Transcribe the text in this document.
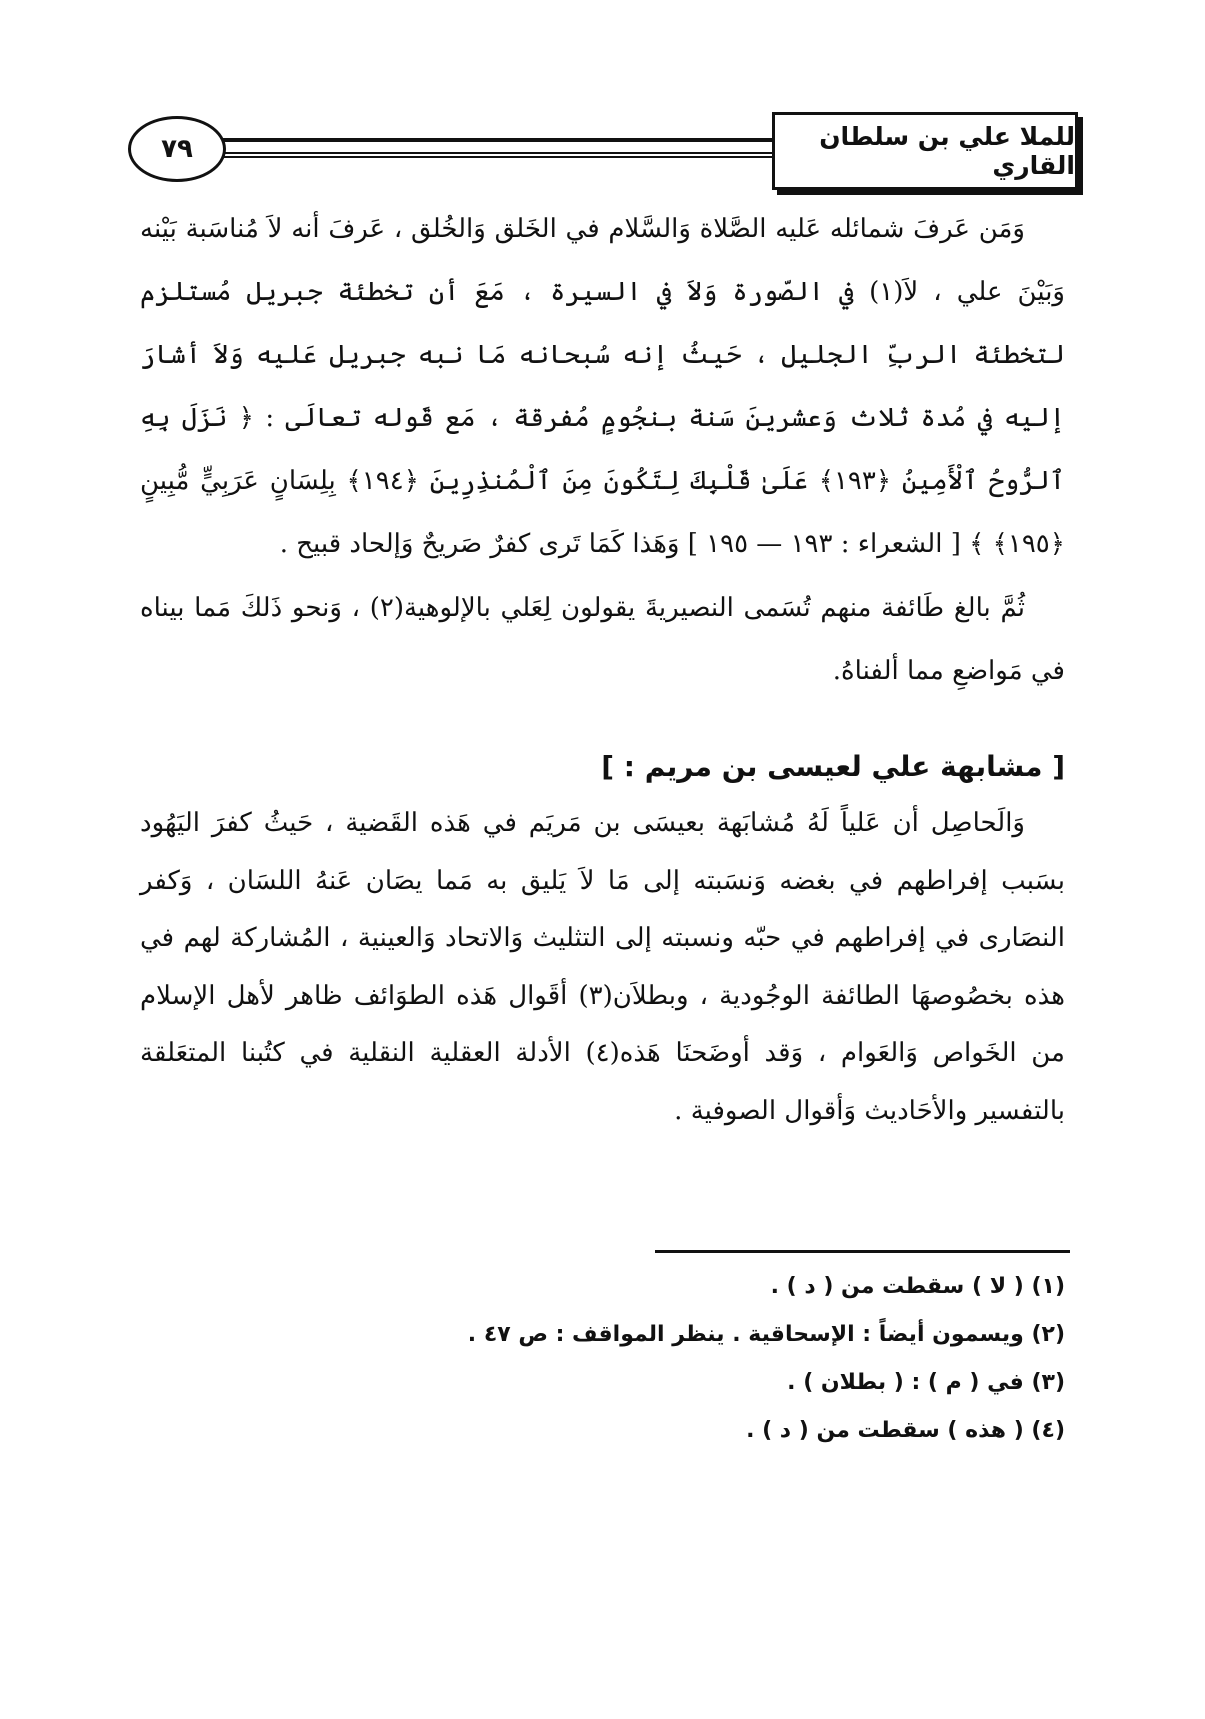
٧٩	للملا علي بن سلطان القاري

وَمَن عَرفَ شمائله عَليه الصَّلاة وَالسَّلام في الخَلق وَالخُلق ، عَرفَ أنه لاَ مُناسَبة بَيْنه وَبَيْنَ علي ، لاَ(١) في الصّورة وَلاَ في السيرة ، مَعَ أن تخطئة جبريل مُستلزم لتخطئة الربِّ الجليل ، حَيثُ إنه سُبحانه مَا نبه جبريل عَليه وَلاَ أشارَ إليه في مُدة ثلاث وَعشرينَ سَنة بنجُومٍ مُفرقة ، مَع قَوله تعالَى : ﴿ نَزَلَ بِهِ ٱلرُّوحُ ٱلْأَمِينُ ﴿١٩٣﴾ عَلَىٰ قَلْبِكَ لِتَكُونَ مِنَ ٱلْمُنذِرِينَ ﴿١٩٤﴾ بِلِسَانٍ عَرَبِيٍّ مُّبِينٍ ﴿١٩٥﴾ ﴾ [ الشعراء : ١٩٣ — ١٩٥ ] وَهَذا كَمَا تَرى كفرٌ صَريحٌ وَإلحاد قبيح .

ثُمَّ بالغ طَائفة منهم تُسَمى النصيريةَ يقولون لِعَلي بالإلوهية(٢) ، وَنحو ذَلكَ مَما بيناه في مَواضعِ مما ألفناهُ.

[ مشابهة علي لعيسى بن مريم : ]

وَالَحاصِل أن عَلياً لَهُ مُشابَهة بعيسَى بن مَريَم في هَذه القَضية ، حَيثُ كفرَ اليَهُود بسَبب إفراطهم في بغضه وَنسَبته إلى مَا لاَ يَليق به مَما يصَان عَنهُ اللسَان ، وَكفر النصَارى في إفراطهم في حبّه ونسبته إلى التثليث وَالاتحاد وَالعينية ، المُشاركة لهم في هذه بخصُوصهَا الطائفة الوجُودية ، وبطلاَن(٣) أقَوال هَذه الطوَائف ظاهر لأهل الإسلام من الخَواص وَالعَوام ، وَقد أوضَحنَا هَذه(٤) الأدلة العقلية النقلية في كتُبنا المتعَلقة بالتفسير والأحَاديث وَأقوال الصوفية .

(١) ( لا ) سقطت من ( د ) .
(٢) ويسمون أيضاً : الإسحاقية . ينظر المواقف : ص ٤٧ .
(٣) في ( م ) : ( بطلان ) .
(٤) ( هذه ) سقطت من ( د ) .
